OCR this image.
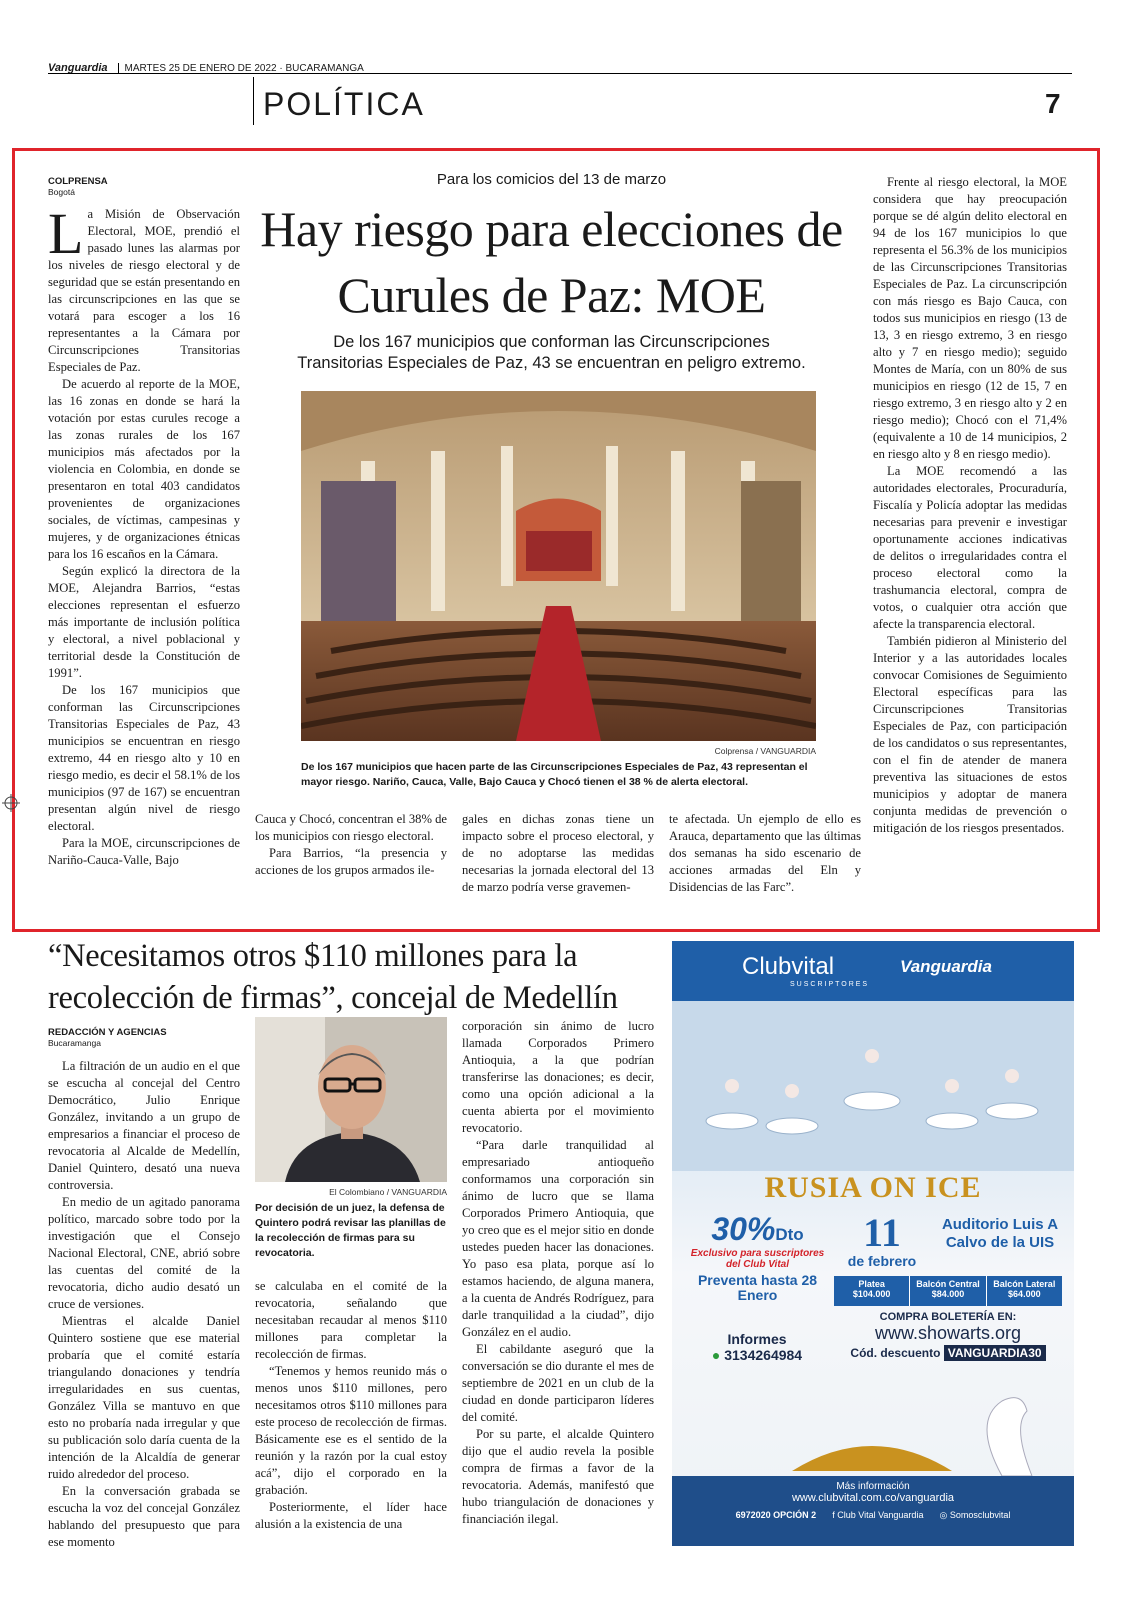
Vanguardia MARTES 25 DE ENERO DE 2022 · BUCARAMANGA
POLÍTICA	7
COLPRENSA
Bogotá

La Misión de Observación Electoral, MOE, prendió el pasado lunes las alarmas por los niveles de riesgo electoral y de seguridad que se están presentando en las circunscripciones en las que se votará para escoger a los 16 representantes a la Cámara por Circunscripciones Transitorias Especiales de Paz.

De acuerdo al reporte de la MOE, las 16 zonas en donde se hará la votación por estas curules recoge a las zonas rurales de los 167 municipios más afectados por la violencia en Colombia, en donde se presentaron en total 403 candidatos provenientes de organizaciones sociales, de víctimas, campesinas y mujeres, y de organizaciones étnicas para los 16 escaños en la Cámara.

Según explicó la directora de la MOE, Alejandra Barrios, “estas elecciones representan el esfuerzo más importante de inclusión política y electoral, a nivel poblacional y territorial desde la Constitución de 1991”.

De los 167 municipios que conforman las Circunscripciones Transitorias Especiales de Paz, 43 municipios se encuentran en riesgo extremo, 44 en riesgo alto y 10 en riesgo medio, es decir el 58.1% de los municipios (97 de 167) se encuentran presentan algún nivel de riesgo electoral.

Para la MOE, circunscripciones de Nariño-Cauca-Valle, Bajo

Para los comicios del 13 de marzo
Hay riesgo para elecciones de Curules de Paz: MOE
De los 167 municipios que conforman las Circunscripciones Transitorias Especiales de Paz, 43 se encuentran en peligro extremo.
Colprensa / VANGUARDIA
De los 167 municipios que hacen parte de las Circunscripciones Especiales de Paz, 43 representan el mayor riesgo. Nariño, Cauca, Valle, Bajo Cauca y Chocó tienen el 38 % de alerta electoral.

Cauca y Chocó, concentran el 38% de los municipios con riesgo electoral.

Para Barrios, “la presencia y acciones de los grupos armados ile-

gales en dichas zonas tiene un impacto sobre el proceso electoral, y de no adoptarse las medidas necesarias la jornada electoral del 13 de marzo podría verse gravemen-

te afectada. Un ejemplo de ello es Arauca, departamento que las últimas dos semanas ha sido escenario de acciones armadas del Eln y Disidencias de las Farc”.

Frente al riesgo electoral, la MOE considera que hay preocupación porque se dé algún delito electoral en 94 de los 167 municipios lo que representa el 56.3% de los municipios de las Circunscripciones Transitorias Especiales de Paz. La circunscripción con más riesgo es Bajo Cauca, con todos sus municipios en riesgo (13 de 13, 3 en riesgo extremo, 3 en riesgo alto y 7 en riesgo medio); seguido Montes de María, con un 80% de sus municipios en riesgo (12 de 15, 7 en riesgo extremo, 3 en riesgo alto y 2 en riesgo medio); Chocó con el 71,4% (equivalente a 10 de 14 municipios, 2 en riesgo alto y 8 en riesgo medio).

La MOE recomendó a las autoridades electorales, Procuraduría, Fiscalía y Policía adoptar las medidas necesarias para prevenir e investigar oportunamente acciones indicativas de delitos o irregularidades contra el proceso electoral como la trashumancia electoral, compra de votos, o cualquier otra acción que afecte la transparencia electoral.

También pidieron al Ministerio del Interior y a las autoridades locales convocar Comisiones de Seguimiento Electoral específicas para las Circunscripciones Transitorias Especiales de Paz, con participación de los candidatos o sus representantes, con el fin de atender de manera preventiva las situaciones de estos municipios y adoptar de manera conjunta medidas de prevención o mitigación de los riesgos presentados.

“Necesitamos otros $110 millones para la recolección de firmas”, concejal de Medellín
REDACCIÓN Y AGENCIAS
Bucaramanga

La filtración de un audio en el que se escucha al concejal del Centro Democrático, Julio Enrique González, invitando a un grupo de empresarios a financiar el proceso de revocatoria al Alcalde de Medellín, Daniel Quintero, desató una nueva controversia.

En medio de un agitado panorama político, marcado sobre todo por la investigación que el Consejo Nacional Electoral, CNE, abrió sobre las cuentas del comité de la revocatoria, dicho audio desató un cruce de versiones.

Mientras el alcalde Daniel Quintero sostiene que ese material probaría que el comité estaría triangulando donaciones y tendría irregularidades en sus cuentas, González Villa se mantuvo en que esto no probaría nada irregular y que su publicación solo daría cuenta de la intención de la Alcaldía de generar ruido alrededor del proceso.

En la conversación grabada se escucha la voz del concejal González hablando del presupuesto que para ese momento

El Colombiano / VANGUARDIA
Por decisión de un juez, la defensa de Quintero podrá revisar las planillas de la recolección de firmas para su revocatoria.

se calculaba en el comité de la revocatoria, señalando que necesitaban recaudar al menos $110 millones para completar la recolección de firmas.

“Tenemos y hemos reunido más o menos unos $110 millones, pero necesitamos otros $110 millones para este proceso de recolección de firmas. Básicamente ese es el sentido de la reunión y la razón por la cual estoy acá”, dijo el corporado en la grabación.

Posteriormente, el líder hace alusión a la existencia de una

corporación sin ánimo de lucro llamada Corporados Primero Antioquia, a la que podrían transferirse las donaciones; es decir, como una opción adicional a la cuenta abierta por el movimiento revocatorio.

“Para darle tranquilidad al empresariado antioqueño conformamos una corporación sin ánimo de lucro que se llama Corporados Primero Antioquia, que yo creo que es el mejor sitio en donde ustedes pueden hacer las donaciones. Yo paso esa plata, porque así lo estamos haciendo, de alguna manera, a la cuenta de Andrés Rodríguez, para darle tranquilidad a la ciudad”, dijo González en el audio.

El cabildante aseguró que la conversación se dio durante el mes de septiembre de 2021 en un club de la ciudad en donde participaron líderes del comité.

Por su parte, el alcalde Quintero dijo que el audio revela la posible compra de firmas a favor de la revocatoria. Además, manifestó que hubo triangulación de donaciones y financiación ilegal.

Clubvital
SUSCRIPTORES
Vanguardia
RUSIA ON ICE
30%Dto
Exclusivo para suscriptores del Club Vital
Preventa hasta 28 Enero
11
de febrero
Auditorio Luis A Calvo de la UIS
Platea
$104.000
Balcón Central
$84.000
Balcón Lateral
$64.000
Informes
● 3134264984
COMPRA BOLETERÍA EN:
www.showarts.org
Cód. descuento VANGUARDIA30
Más información
www.clubvital.com.co/vanguardia
6972020 OPCIÓN 2 f Club Vital Vanguardia ◎ Somosclubvital
